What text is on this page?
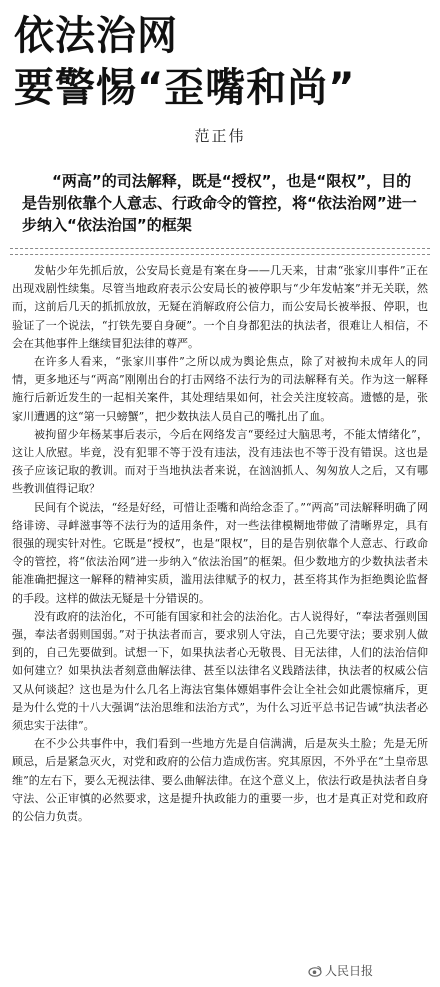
依法治网
要警惕“歪嘴和尚”
范正伟
“两高”的司法解释，既是“授权”，也是“限权”，目的是告别依靠个人意志、行政命令的管控，将“依法治网”进一步纳入“依法治国”的框架

发帖少年先抓后放，公安局长竟是有案在身——几天来，甘肃“张家川事件”正在出现戏剧性续集。尽管当地政府表示公安局长的被停职与“少年发帖案”并无关联，然而，这前后几天的抓抓放放，无疑在消解政府公信力，而公安局长被举报、停职，也验证了一个说法，“打铁先要自身硬”。一个自身都犯法的执法者，很难让人相信，不会在其他事件上继续冒犯法律的尊严。

在许多人看来，“张家川事件”之所以成为舆论焦点，除了对被拘未成年人的同情，更多地还与“两高”刚刚出台的打击网络不法行为的司法解释有关。作为这一解释施行后新近发生的一起相关案件，其处理结果如何，社会关注度较高。遗憾的是，张家川遭遇的这“第一只螃蟹”，把少数执法人员自己的嘴扎出了血。

被拘留少年杨某事后表示，今后在网络发言“要经过大脑思考，不能太情绪化”，这让人欣慰。毕竟，没有犯罪不等于没有违法，没有违法也不等于没有错误。这也是孩子应该记取的教训。而对于当地执法者来说，在汹汹抓人、匆匆放人之后，又有哪些教训值得记取？

民间有个说法，“经是好经，可惜让歪嘴和尚给念歪了。”“两高”司法解释明确了网络诽谤、寻衅滋事等不法行为的适用条件，对一些法律模糊地带做了清晰界定，具有很强的现实针对性。它既是“授权”，也是“限权”，目的是告别依靠个人意志、行政命令的管控，将“依法治网”进一步纳入“依法治国”的框架。但少数地方的少数执法者未能准确把握这一解释的精神实质，滥用法律赋予的权力，甚至将其作为拒绝舆论监督的手段。这样的做法无疑是十分错误的。

没有政府的法治化，不可能有国家和社会的法治化。古人说得好，“奉法者强则国强，奉法者弱则国弱。”对于执法者而言，要求别人守法，自己先要守法；要求别人做到的，自己先要做到。试想一下，如果执法者心无敬畏、目无法律，人们的法治信仰如何建立？如果执法者刻意曲解法律、甚至以法律名义践踏法律，执法者的权威公信又从何谈起？这也是为什么几名上海法官集体嫖娼事件会让全社会如此震惊痛斥，更是为什么党的十八大强调“法治思维和法治方式”，为什么习近平总书记告诫“执法者必须忠实于法律”。

在不少公共事件中，我们看到一些地方先是自信满满，后是灰头土脸；先是无所顾忌，后是紧急灭火，对党和政府的公信力造成伤害。究其原因，不外乎在“土皇帝思维”的左右下，要么无视法律、要么曲解法律。在这个意义上，依法行政是执法者自身守法、公正审慎的必然要求，这是提升执政能力的重要一步，也才是真正对党和政府的公信力负责。

人民日报
